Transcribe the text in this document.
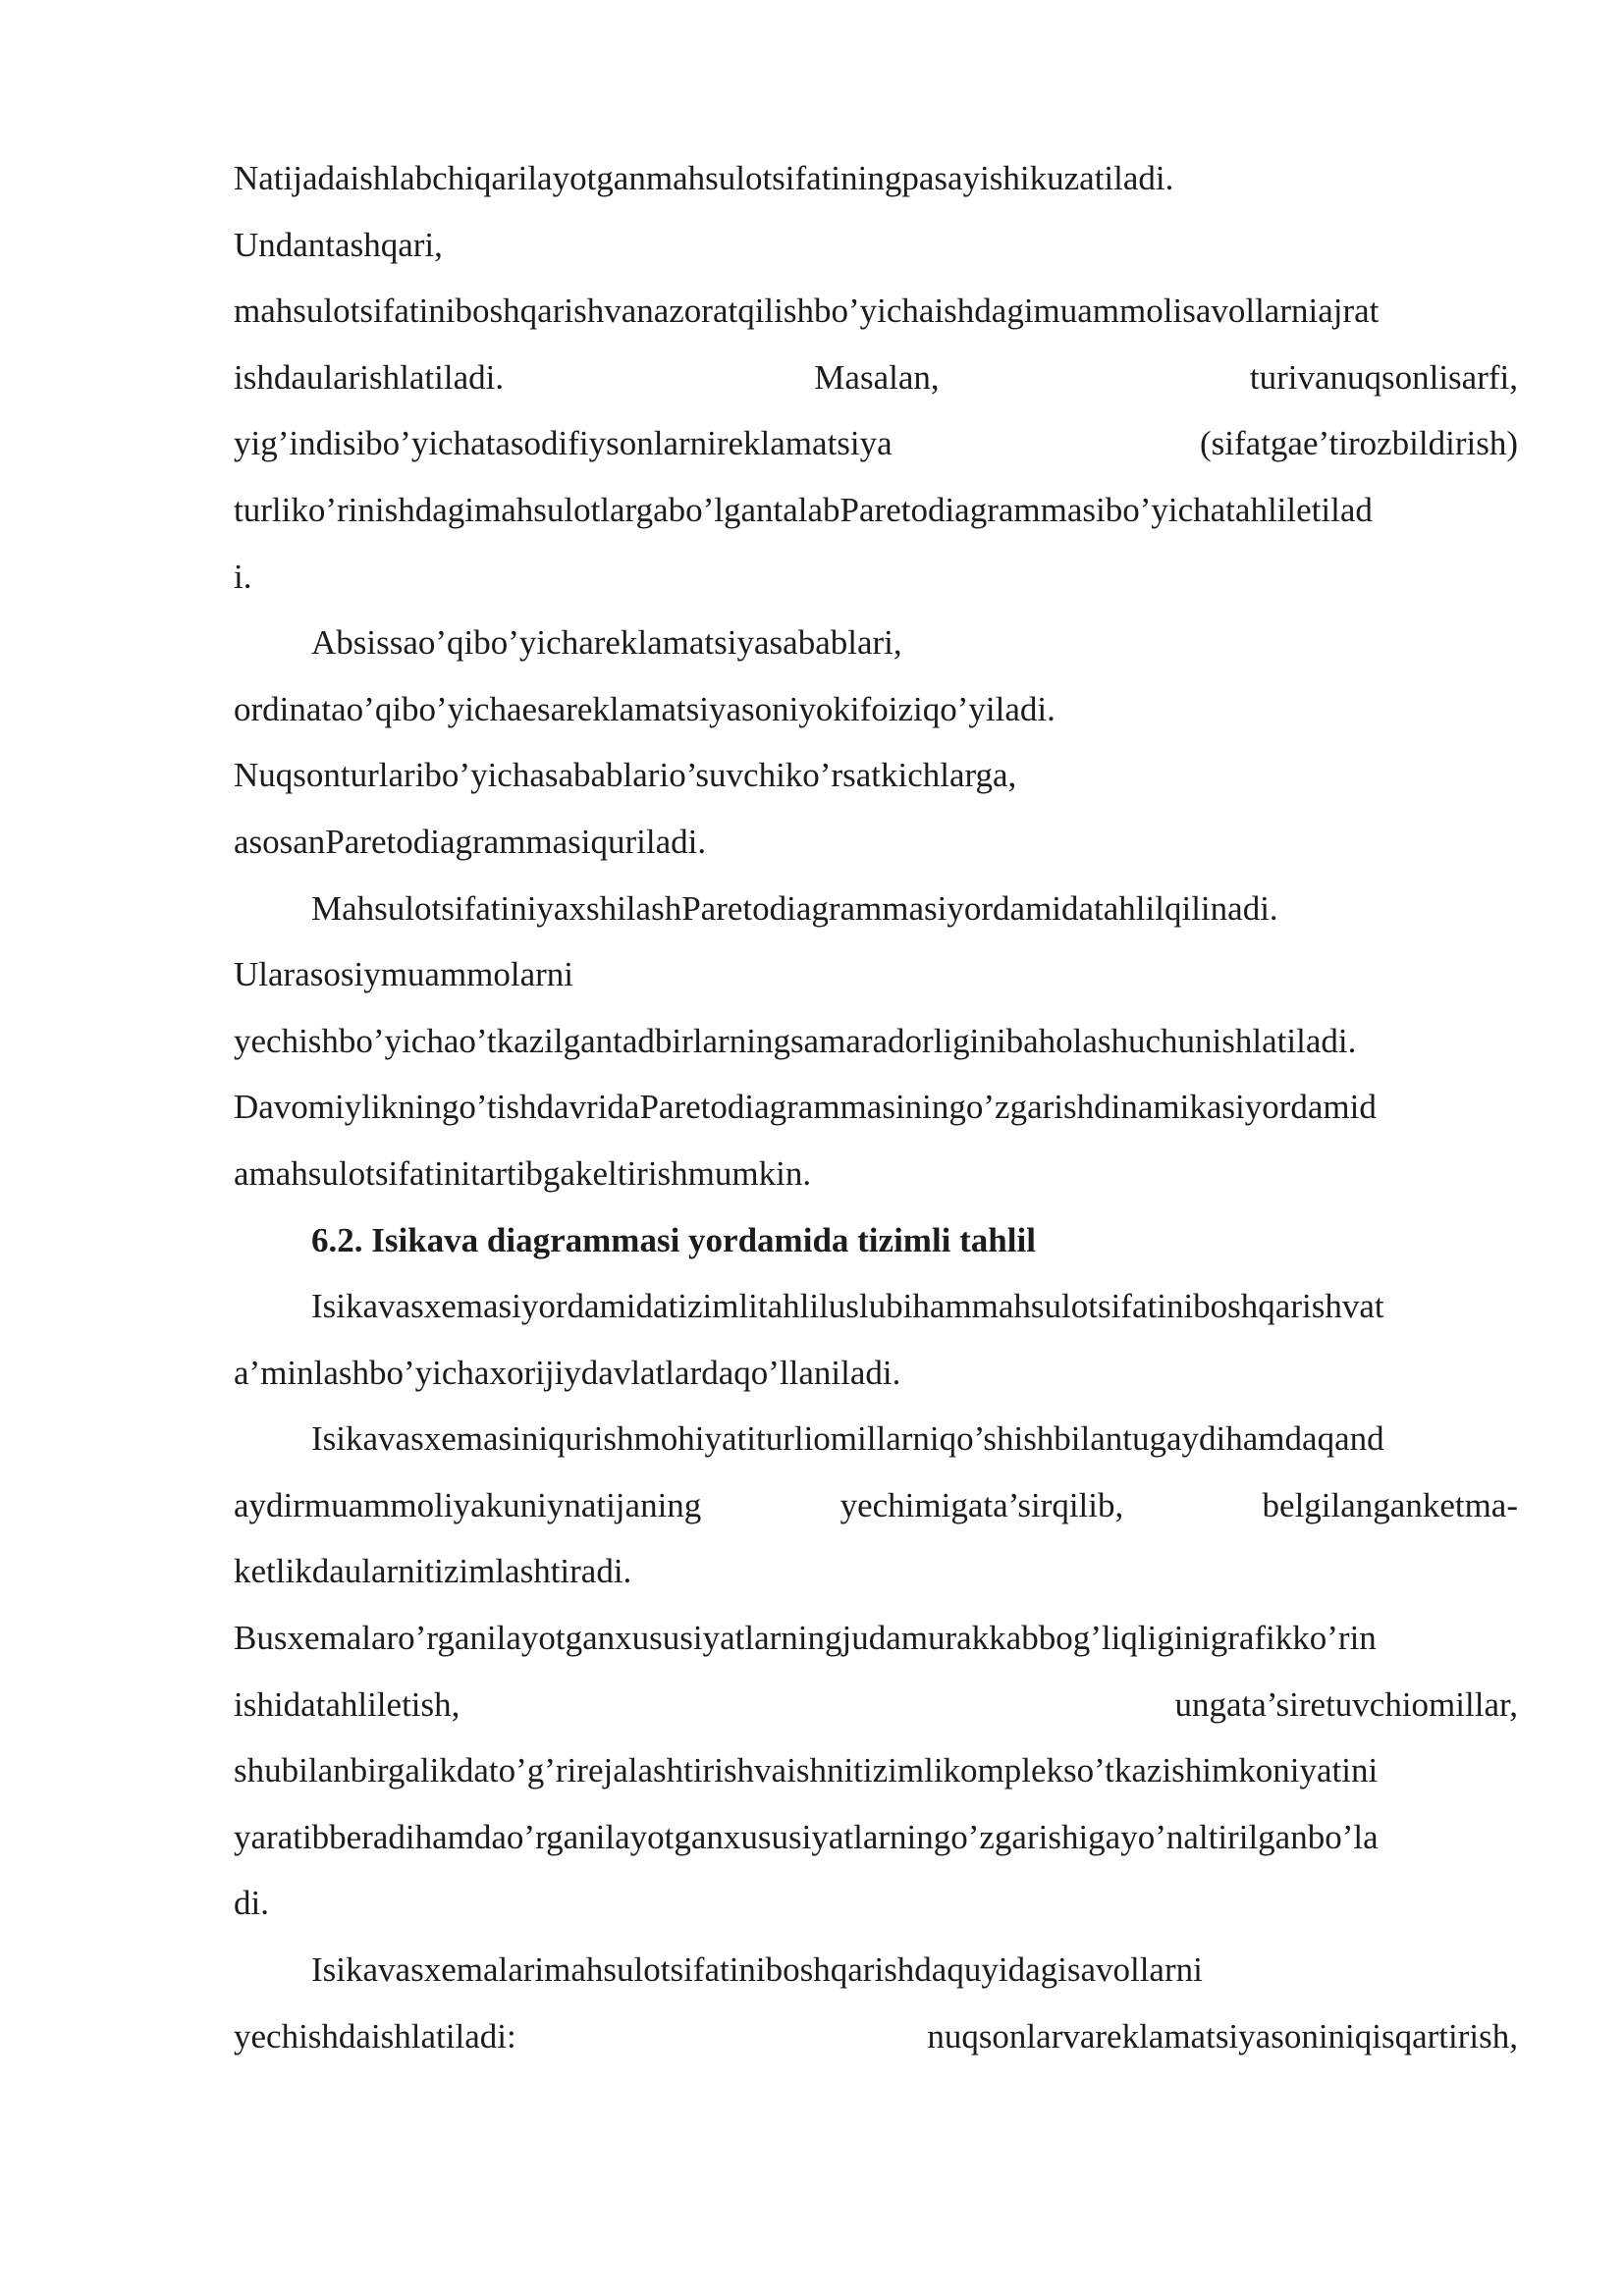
Natijadaishlabchiqarilayotganmahsulotsifatiningpasayishikuzatiladi.
Undantashqari,
mahsulotsifatiniboshqarishvanazoratqilishbo’yichaishdagimuammolisavollarniajrat
ishdaularishlatiladi.	Masalan,	turivanuqsonlisarfi,
yig’indisibo’yichatasodifiysonlarnireklamatsiya	(sifatgae’tirozbildirish)
turliko’rinishdagimahsulotlargabo’lgantalabParetodiagrammasibo’yichatahliletilad
i.
Absissao’qibo’yichareklamatsiyasabablari,
ordinatao’qibo’yichaesareklamatsiyasoniyokifoiziqo’yiladi.
Nuqsonturlaribo’yichasabablario’suvchiko’rsatkichlarga,
asosanParetodiagrammasiquriladi.
MahsulotsifatiniyaxshilashParetodiagrammasiyordamidatahlilqilinadi.
Ularasosiymuammolarni
yechishbo’yichao’tkazilgantadbirlarningsamaradorliginibaholashuchunishlatiladi.
Davomiylikningo’tishdavridaParetodiagrammasiningo’zgarishdinamikasiyordamid
amahsulotsifatinitartibgakeltirishmumkin.
6.2. Isikava diagrammasi yordamida tizimli tahlil
Isikavasxemasiyordamidatizimlitahliluslubihammahsulotsifatiniboshqarishvat
a’minlashbo’yichaxorijiydavlatlardaqo’llaniladi.
Isikavasxemasiniqurishmohiyatiturliomillarniqo’shishbilantugaydihamdaqand
aydirmuammoliyakuniynatijaning	yechimigata’sirqilib,	belgilanganketma-
ketlikdaularnitizimlashtiradi.
Busxemalaro’rganilayotganxususiyatlarningjudamurakkabbog’liqliginigrafikko’rin
ishidatahliletish,	ungata’siretuvchiomillar,
shubilanbirgalikdato’g’rirejalashtirishvaishnitizimlikomplekso’tkazishimkoniyatini
yaratibberadihamdao’rganilayotganxususiyatlarningo’zgarishigayo’naltirilganbo’la
di.
Isikavasxemalarimahsulotsifatiniboshqarishdaquyidagisavollarni
yechishdaishlatiladi:	nuqsonlarvareklamatsiyasoniniqisqartirish,
